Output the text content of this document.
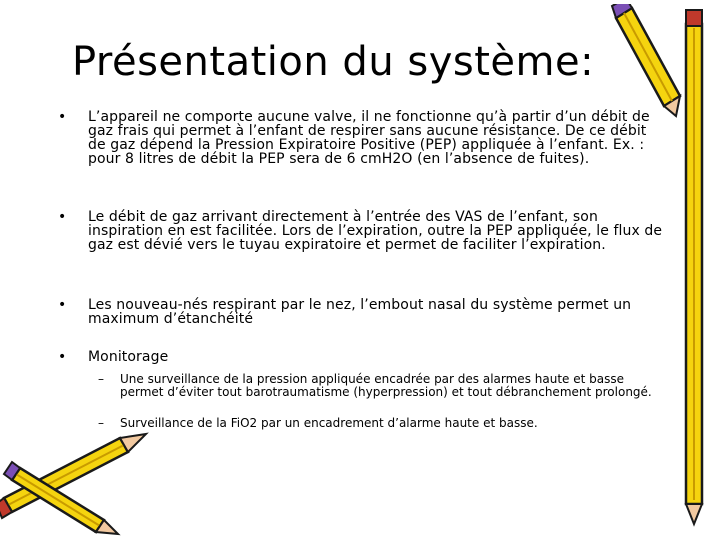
Présentation du système:
• L’appareil ne comporte aucune valve, il ne fonctionne qu’à partir d’un débit de gaz frais qui permet à l’enfant de respirer sans aucune résistance. De ce débit de gaz dépend la Pression Expiratoire Positive (PEP) appliquée à l’enfant. Ex. : pour 8 litres de débit la PEP sera de 6 cmH2O (en l’absence de fuites).
• Le débit de gaz arrivant directement à l’entrée des VAS de l’enfant, son inspiration en est facilitée. Lors de l’expiration, outre la PEP appliquée, le flux de gaz est dévié vers le tuyau expiratoire et permet de faciliter l’expiration.
• Les nouveau-nés respirant par le nez, l’embout nasal du système permet un maximum d’étanchéité
• Monitorage
– Une surveillance de la pression appliquée encadrée par des alarmes haute et basse permet d’éviter tout barotraumatisme (hyperpression) et tout débranchement prolongé.
– Surveillance de la FiO2 par un encadrement d’alarme haute et basse.
